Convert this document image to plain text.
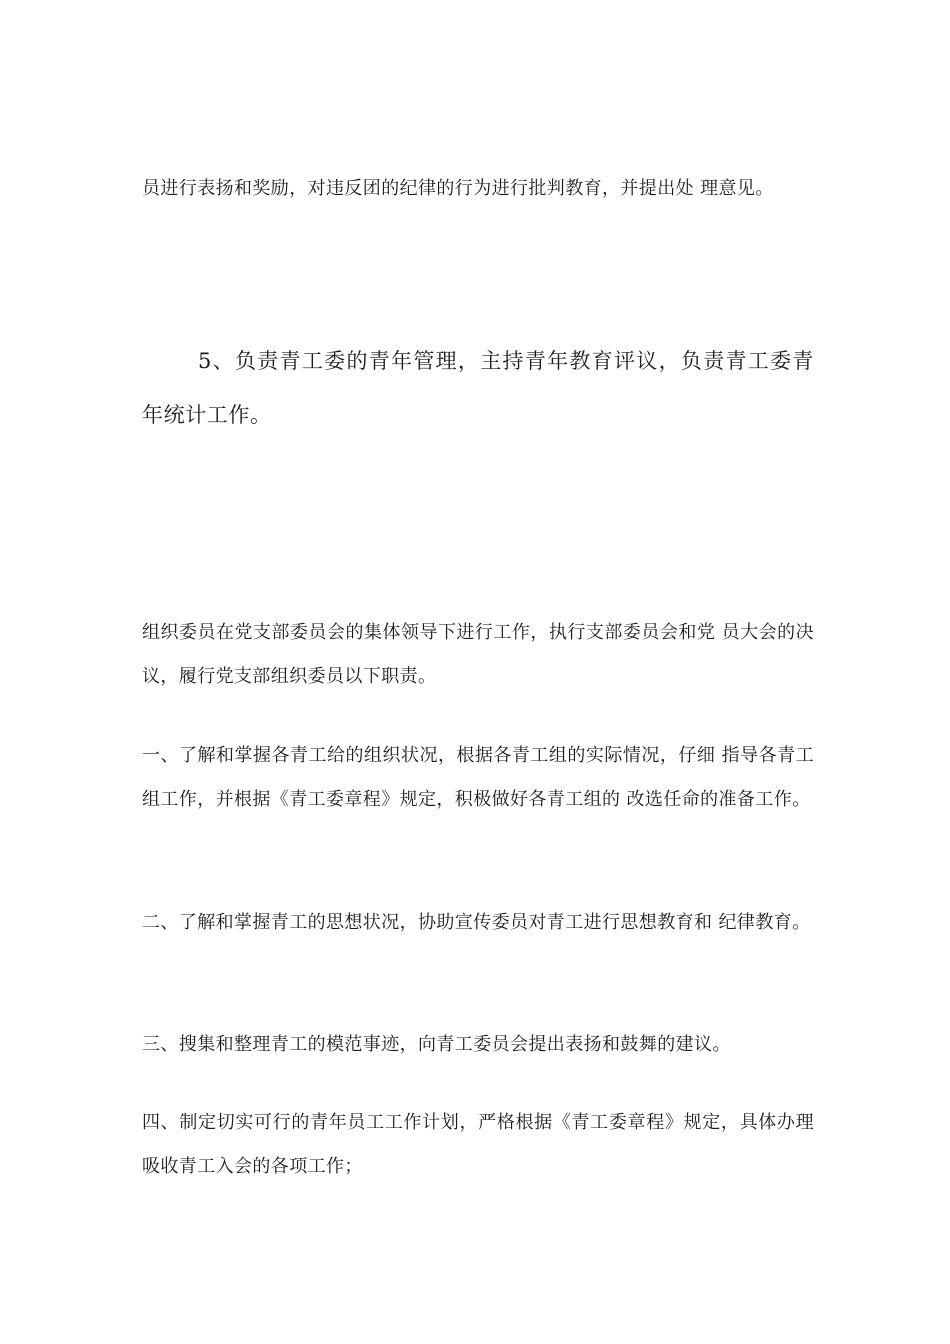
员进行表扬和奖励，对违反团的纪律的行为进行批判教育，并提出处 理意见。

5、负责青工委的青年管理，主持青年教育评议，负责青工委青年统计工作。

组织委员在党支部委员会的集体领导下进行工作，执行支部委员会和党 员大会的决议，履行党支部组织委员以下职责。

一、了解和掌握各青工给的组织状况，根据各青工组的实际情况，仔细 指导各青工组工作，并根据《青工委章程》规定，积极做好各青工组的 改选任命的准备工作。

二、了解和掌握青工的思想状况，协助宣传委员对青工进行思想教育和 纪律教育。

三、搜集和整理青工的模范事迹，向青工委员会提出表扬和鼓舞的建议。

四、制定切实可行的青年员工工作计划，严格根据《青工委章程》规定，具体办理吸收青工入会的各项工作；
